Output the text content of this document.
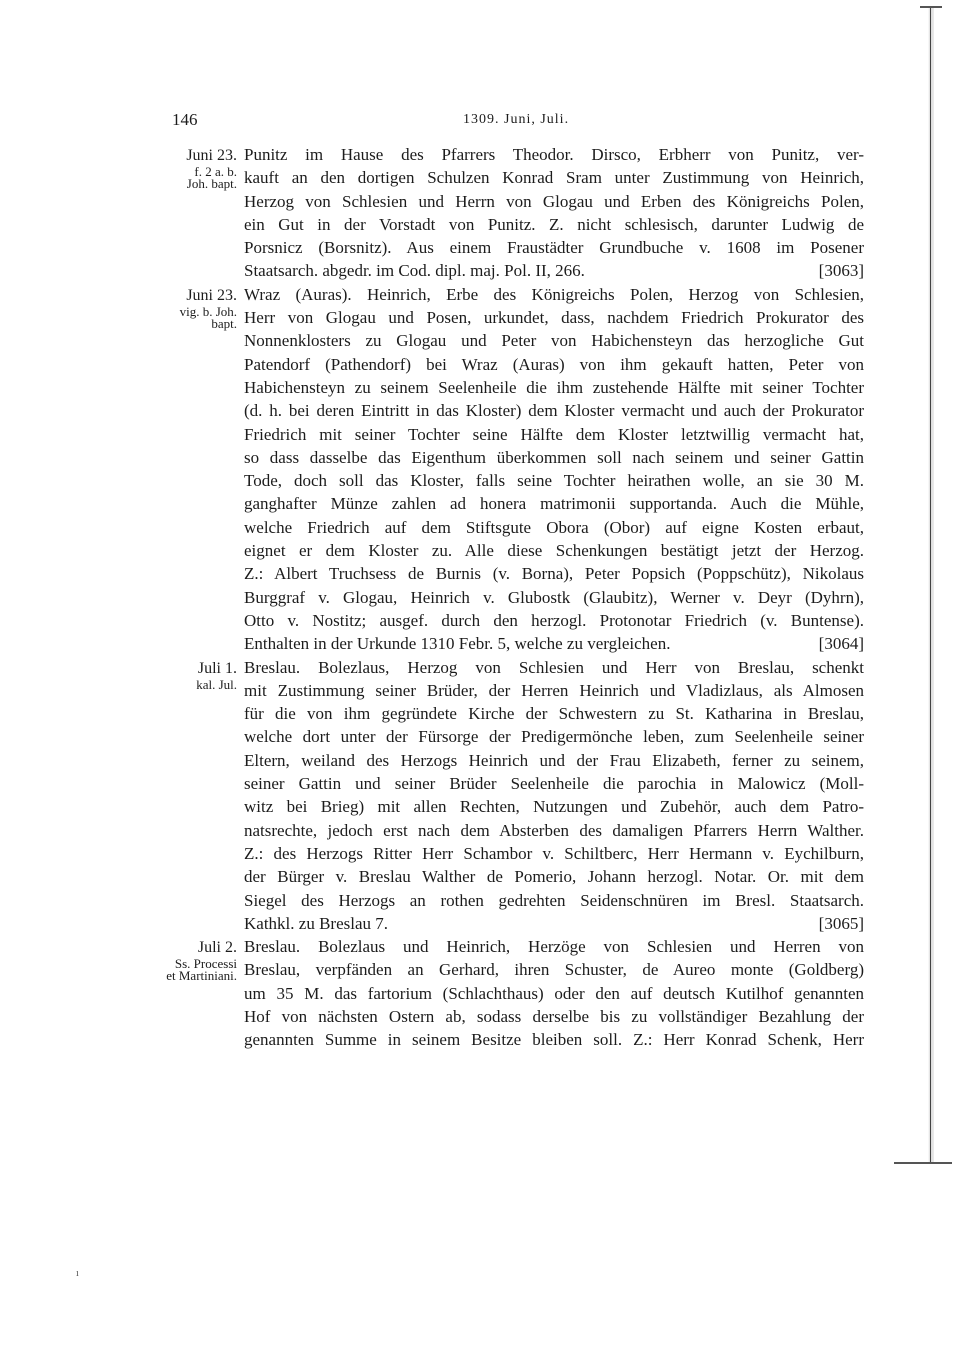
ı
146	1309. Juni, Juli.
Juni 23.
f. 2 a. b.
Joh. bapt.
Punitz im Hause des Pfarrers Theodor. Dirsco, Erbherr von Punitz, ver-
kauft an den dortigen Schulzen Konrad Sram unter Zustimmung von Heinrich,
Herzog von Schlesien und Herrn von Glogau und Erben des Königreichs Polen,
ein Gut in der Vorstadt von Punitz. Z. nicht schlesisch, darunter Ludwig de
Porsnicz (Borsnitz). Aus einem Fraustädter Grundbuche v. 1608 im Posener
Staatsarch. abgedr. im Cod. dipl. maj. Pol. II, 266.	[3063]
Juni 23.
vig. b. Joh.
bapt.
Wraz (Auras). Heinrich, Erbe des Königreichs Polen, Herzog von Schlesien,
Herr von Glogau und Posen, urkundet, dass, nachdem Friedrich Prokurator des
Nonnenklosters zu Glogau und Peter von Habichensteyn das herzogliche Gut
Patendorf (Pathendorf) bei Wraz (Auras) von ihm gekauft hatten, Peter von
Habichensteyn zu seinem Seelenheile die ihm zustehende Hälfte mit seiner Tochter
(d. h. bei deren Eintritt in das Kloster) dem Kloster vermacht und auch der Prokurator
Friedrich mit seiner Tochter seine Hälfte dem Kloster letztwillig vermacht hat,
so dass dasselbe das Eigenthum überkommen soll nach seinem und seiner Gattin
Tode, doch soll das Kloster, falls seine Tochter heirathen wolle, an sie 30 M.
ganghafter Münze zahlen ad honera matrimonii supportanda. Auch die Mühle,
welche Friedrich auf dem Stiftsgute Obora (Obor) auf eigne Kosten erbaut,
eignet er dem Kloster zu. Alle diese Schenkungen bestätigt jetzt der Herzog.
Z.: Albert Truchsess de Burnis (v. Borna), Peter Popsich (Poppschütz), Nikolaus
Burggraf v. Glogau, Heinrich v. Glubostk (Glaubitz), Werner v. Deyr (Dyhrn),
Otto v. Nostitz; ausgef. durch den herzogl. Protonotar Friedrich (v. Buntense).
Enthalten in der Urkunde 1310 Febr. 5, welche zu vergleichen.	[3064]
Juli 1.
kal. Jul.
Breslau. Bolezlaus, Herzog von Schlesien und Herr von Breslau, schenkt
mit Zustimmung seiner Brüder, der Herren Heinrich und Vladizlaus, als Almosen
für die von ihm gegründete Kirche der Schwestern zu St. Katharina in Breslau,
welche dort unter der Fürsorge der Predigermönche leben, zum Seelenheile seiner
Eltern, weiland des Herzogs Heinrich und der Frau Elizabeth, ferner zu seinem,
seiner Gattin und seiner Brüder Seelenheile die parochia in Malowicz (Moll-
witz bei Brieg) mit allen Rechten, Nutzungen und Zubehör, auch dem Patro-
natsrechte, jedoch erst nach dem Absterben des damaligen Pfarrers Herrn Walther.
Z.: des Herzogs Ritter Herr Schambor v. Schiltberc, Herr Hermann v. Eychilburn,
der Bürger v. Breslau Walther de Pomerio, Johann herzogl. Notar. Or. mit dem
Siegel des Herzogs an rothen gedrehten Seidenschnüren im Bresl. Staatsarch.
Kathkl. zu Breslau 7.	[3065]
Juli 2.
Ss. Processi
et Martiniani.
Breslau. Bolezlaus und Heinrich, Herzöge von Schlesien und Herren von
Breslau, verpfänden an Gerhard, ihren Schuster, de Aureo monte (Goldberg)
um 35 M. das fartorium (Schlachthaus) oder den auf deutsch Kutilhof genannten
Hof von nächsten Ostern ab, sodass derselbe bis zu vollständiger Bezahlung der
genannten Summe in seinem Besitze bleiben soll. Z.: Herr Konrad Schenk, Herr
